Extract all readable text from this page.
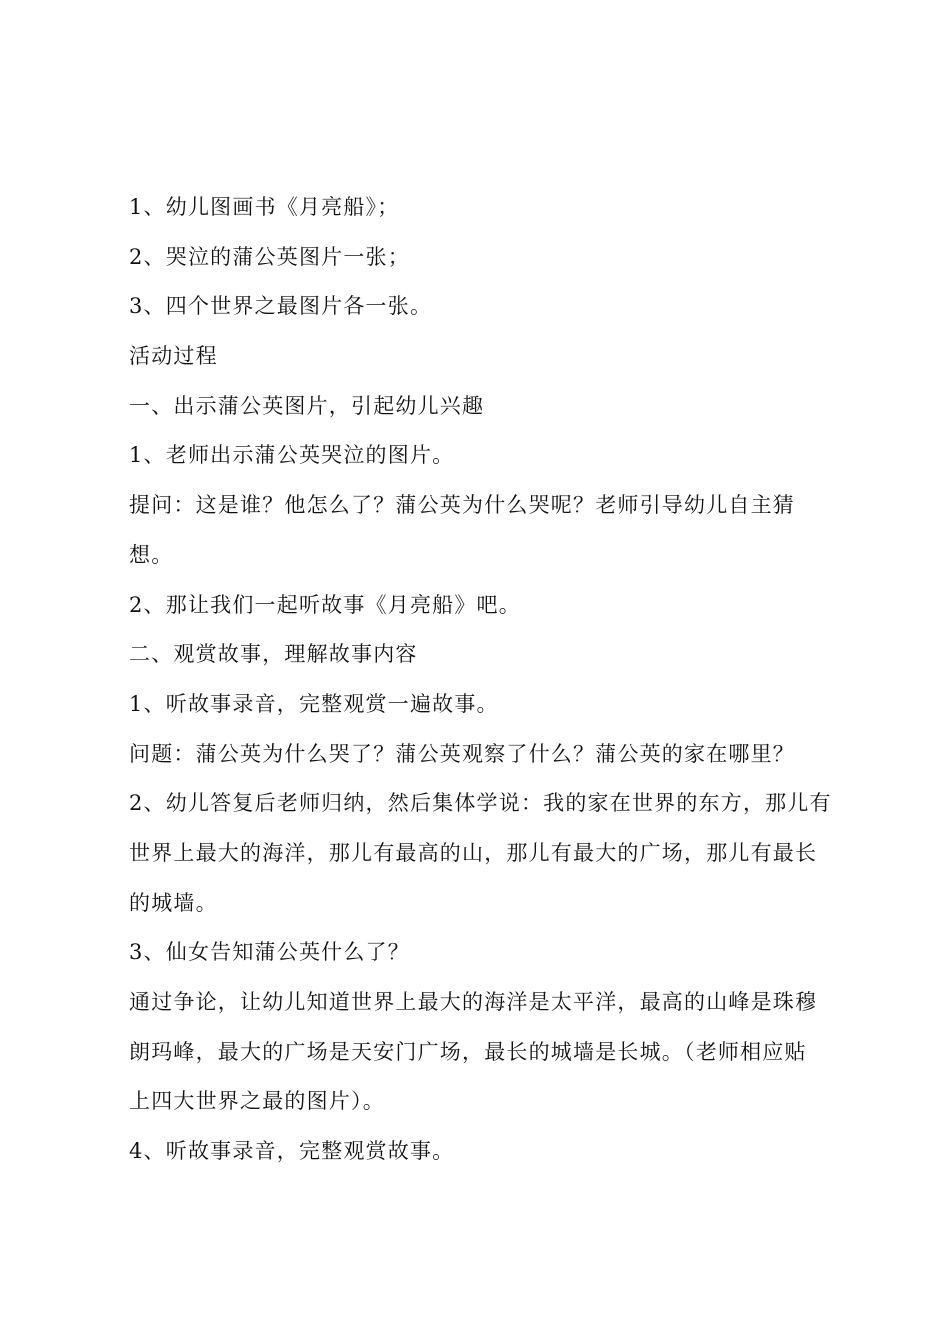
1、幼儿图画书《月亮船》；
2、哭泣的蒲公英图片一张；
3、四个世界之最图片各一张。
活动过程
一、出示蒲公英图片，引起幼儿兴趣
1、老师出示蒲公英哭泣的图片。
提问：这是谁？他怎么了？蒲公英为什么哭呢？老师引导幼儿自主猜
想。
2、那让我们一起听故事《月亮船》吧。
二、观赏故事，理解故事内容
1、听故事录音，完整观赏一遍故事。
问题：蒲公英为什么哭了？蒲公英观察了什么？蒲公英的家在哪里？
2、幼儿答复后老师归纳，然后集体学说：我的家在世界的东方，那儿有
世界上最大的海洋，那儿有最高的山，那儿有最大的广场，那儿有最长
的城墙。
3、仙女告知蒲公英什么了？
通过争论，让幼儿知道世界上最大的海洋是太平洋，最高的山峰是珠穆
朗玛峰，最大的广场是天安门广场，最长的城墙是长城。（老师相应贴
上四大世界之最的图片）。
4、听故事录音，完整观赏故事。
